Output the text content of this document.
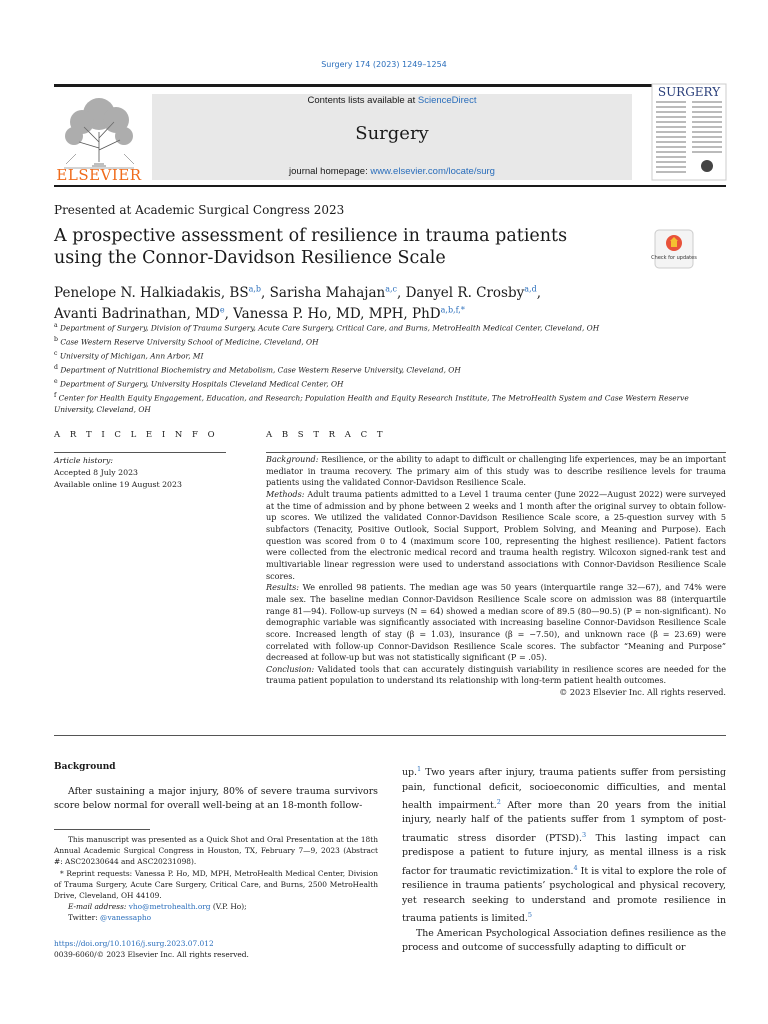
Surgery 174 (2023) 1249–1254
ELSEVIER
Contents lists available at ScienceDirect
Surgery
journal homepage: www.elsevier.com/locate/surg
SURGERY
Presented at Academic Surgical Congress 2023
A prospective assessment of resilience in trauma patients using the Connor-Davidson Resilience Scale	Check for updates
Penelope N. Halkiadakis, BS$^{a,b}$, Sarisha Mahajan$^{a,c}$, Danyel R. Crosby$^{a,d}$,
Avanti Badrinathan, MDe, Vanessa P. Ho, MD, MPH, PhD$^{a,b,f,*}$
$^a$ Department of Surgery, Division of Trauma Surgery, Acute Care Surgery, Critical Care, and Burns, MetroHealth Medical Center, Cleveland, OH
$^b$ Case Western Reserve University School of Medicine, Cleveland, OH
$^c$ University of Michigan, Ann Arbor, MI
$^d$ Department of Nutritional Biochemistry and Metabolism, Case Western Reserve University, Cleveland, OH
$^e$ Department of Surgery, University Hospitals Cleveland Medical Center, OH
$^f$ Center for Health Equity Engagement, Education, and Research; Population Health and Equity Research Institute, The MetroHealth System and Case Western Reserve University, Cleveland, OH
A R T I C L E I N F O	A B S T R A C T
Article history:
Accepted 8 July 2023
Available online 19 August 2023
Background: Resilience, or the ability to adapt to difficult or challenging life experiences, may be an important mediator in trauma recovery. The primary aim of this study was to describe resilience levels for trauma patients using the validated Connor-Davidson Resilience Scale.
Methods: Adult trauma patients admitted to a Level 1 trauma center (June 2022—August 2022) were surveyed at the time of admission and by phone between 2 weeks and 1 month after the original survey to obtain follow-up scores. We utilized the validated Connor-Davidson Resilience Scale score, a 25-question survey with 5 subfactors (Tenacity, Positive Outlook, Social Support, Problem Solving, and Meaning and Purpose). Each question was scored from 0 to 4 (maximum score 100, representing the highest resilience). Patient factors were collected from the electronic medical record and trauma health registry. Wilcoxon signed-rank test and multivariable linear regression were used to understand associations with Connor-Davidson Resilience Scale scores.
Results: We enrolled 98 patients. The median age was 50 years (interquartile range 32—67), and 74% were male sex. The baseline median Connor-Davidson Resilience Scale score on admission was 88 (interquartile range 81—94). Follow-up surveys (N = 64) showed a median score of 89.5 (80—90.5) (P = non-significant). No demographic variable was significantly associated with increasing baseline Connor-Davidson Resilience Scale score. Increased length of stay (β = 1.03), insurance (β = −7.50), and unknown race (β = 23.69) were correlated with follow-up Connor-Davidson Resilience Scale scores. The subfactor “Meaning and Purpose” decreased at follow-up but was not statistically significant (P = .05).
Conclusion: Validated tools that can accurately distinguish variability in resilience scores are needed for the trauma patient population to understand its relationship with long-term patient health outcomes.
© 2023 Elsevier Inc. All rights reserved.
Background
After sustaining a major injury, 80% of severe trauma survivors score below normal for overall well-being at an 18-month follow-
This manuscript was presented as a Quick Shot and Oral Presentation at the 18th Annual Academic Surgical Congress in Houston, TX, February 7—9, 2023 (Abstract #: ASC20230644 and ASC20231098).
* Reprint requests: Vanessa P. Ho, MD, MPH, MetroHealth Medical Center, Division of Trauma Surgery, Acute Care Surgery, Critical Care, and Burns, 2500 MetroHealth Drive, Cleveland, OH 44109.
E-mail address: vho@metrohealth.org (V.P. Ho);
Twitter: @vanessapho
https://doi.org/10.1016/j.surg.2023.07.012
0039-6060/© 2023 Elsevier Inc. All rights reserved.

up.$^1$ Two years after injury, trauma patients suffer from persisting pain, functional deficit, socioeconomic difficulties, and mental health impairment.$^2$ After more than 20 years from the initial injury, nearly half of the patients suffer from 1 symptom of post-traumatic stress disorder (PTSD).$^3$ This lasting impact can predispose a patient to future injury, as mental illness is a risk factor for traumatic revictimization.$^4$ It is vital to explore the role of resilience in trauma patients’ psychological and physical recovery, yet research seeking to understand and promote resilience in trauma patients is limited.$^5$

The American Psychological Association defines resilience as the process and outcome of successfully adapting to difficult or
